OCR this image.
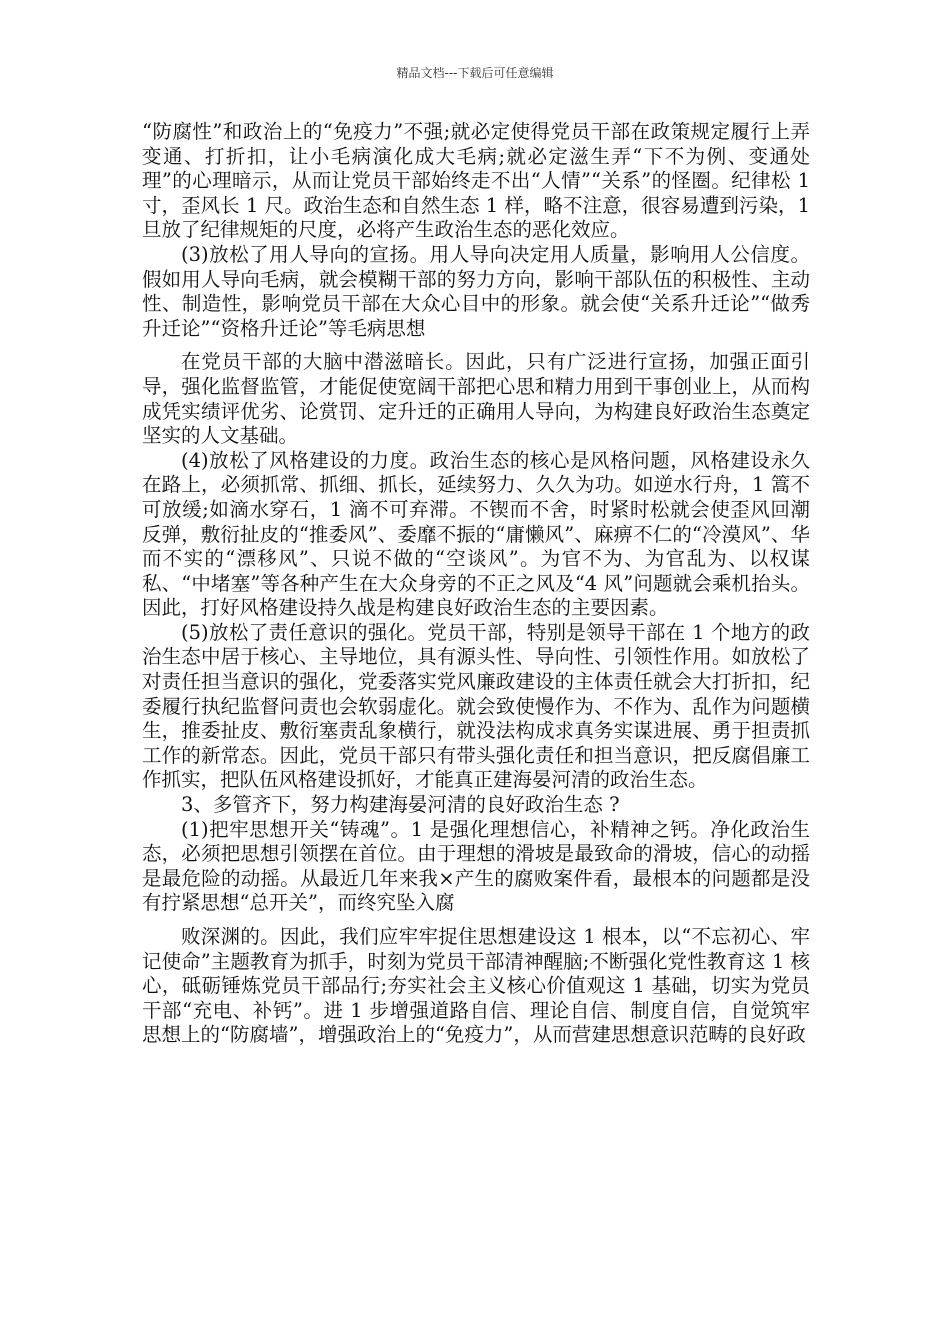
精品文档---下载后可任意编辑

“防腐性”和政治上的“免疫力”不强;就必定使得党员干部在政策规定履行上弄变通、打折扣，让小毛病演化成大毛病;就必定滋生弄“下不为例、变通处理”的心理暗示，从而让党员干部始终走不出“人情”“关系”的怪圈。纪律松 1 寸，歪风长 1 尺。政治生态和自然生态 1 样，略不注意，很容易遭到污染，1 旦放了纪律规矩的尺度，必将产生政治生态的恶化效应。

(3)放松了用人导向的宣扬。用人导向决定用人质量，影响用人公信度。假如用人导向毛病，就会模糊干部的努力方向，影响干部队伍的积极性、主动性、制造性，影响党员干部在大众心目中的形象。就会使“关系升迁论”“做秀升迁论”“资格升迁论”等毛病思想

在党员干部的大脑中潜滋暗长。因此，只有广泛进行宣扬，加强正面引导，强化监督监管，才能促使宽阔干部把心思和精力用到干事创业上，从而构成凭实绩评优劣、论赏罚、定升迁的正确用人导向，为构建良好政治生态奠定坚实的人文基础。

(4)放松了风格建设的力度。政治生态的核心是风格问题，风格建设永久在路上，必须抓常、抓细、抓长，延续努力、久久为功。如逆水行舟，1 篙不可放缓;如滴水穿石，1 滴不可弃滞。不锲而不舍，时紧时松就会使歪风回潮反弹，敷衍扯皮的“推委风”、委靡不振的“庸懒风”、麻痹不仁的“冷漠风”、华而不实的“漂移风”、只说不做的“空谈风”。为官不为、为官乱为、以权谋私、“中堵塞”等各种产生在大众身旁的不正之风及“4 风”问题就会乘机抬头。因此，打好风格建设持久战是构建良好政治生态的主要因素。

(5)放松了责任意识的强化。党员干部，特别是领导干部在 1 个地方的政治生态中居于核心、主导地位，具有源头性、导向性、引领性作用。如放松了对责任担当意识的强化，党委落实党风廉政建设的主体责任就会大打折扣，纪委履行执纪监督问责也会软弱虚化。就会致使慢作为、不作为、乱作为问题横生，推委扯皮、敷衍塞责乱象横行，就没法构成求真务实谋进展、勇于担责抓工作的新常态。因此，党员干部只有带头强化责任和担当意识，把反腐倡廉工作抓实，把队伍风格建设抓好，才能真正建海晏河清的政治生态。

3、多管齐下，努力构建海晏河清的良好政治生态 ?

(1)把牢思想开关“铸魂”。1 是强化理想信心，补精神之钙。净化政治生态，必须把思想引领摆在首位。由于理想的滑坡是最致命的滑坡，信心的动摇是最危险的动摇。从最近几年来我×产生的腐败案件看，最根本的问题都是没有拧紧思想“总开关”，而终究坠入腐

败深渊的。因此，我们应牢牢捉住思想建设这 1 根本，以“不忘初心、牢记使命”主题教育为抓手，时刻为党员干部清神醒脑;不断强化党性教育这 1 核心，砥砺锤炼党员干部品行;夯实社会主义核心价值观这 1 基础，切实为党员干部“充电、补钙”。进 1 步增强道路自信、理论自信、制度自信，自觉筑牢思想上的“防腐墙”，增强政治上的“免疫力”，从而营建思想意识范畴的良好政
